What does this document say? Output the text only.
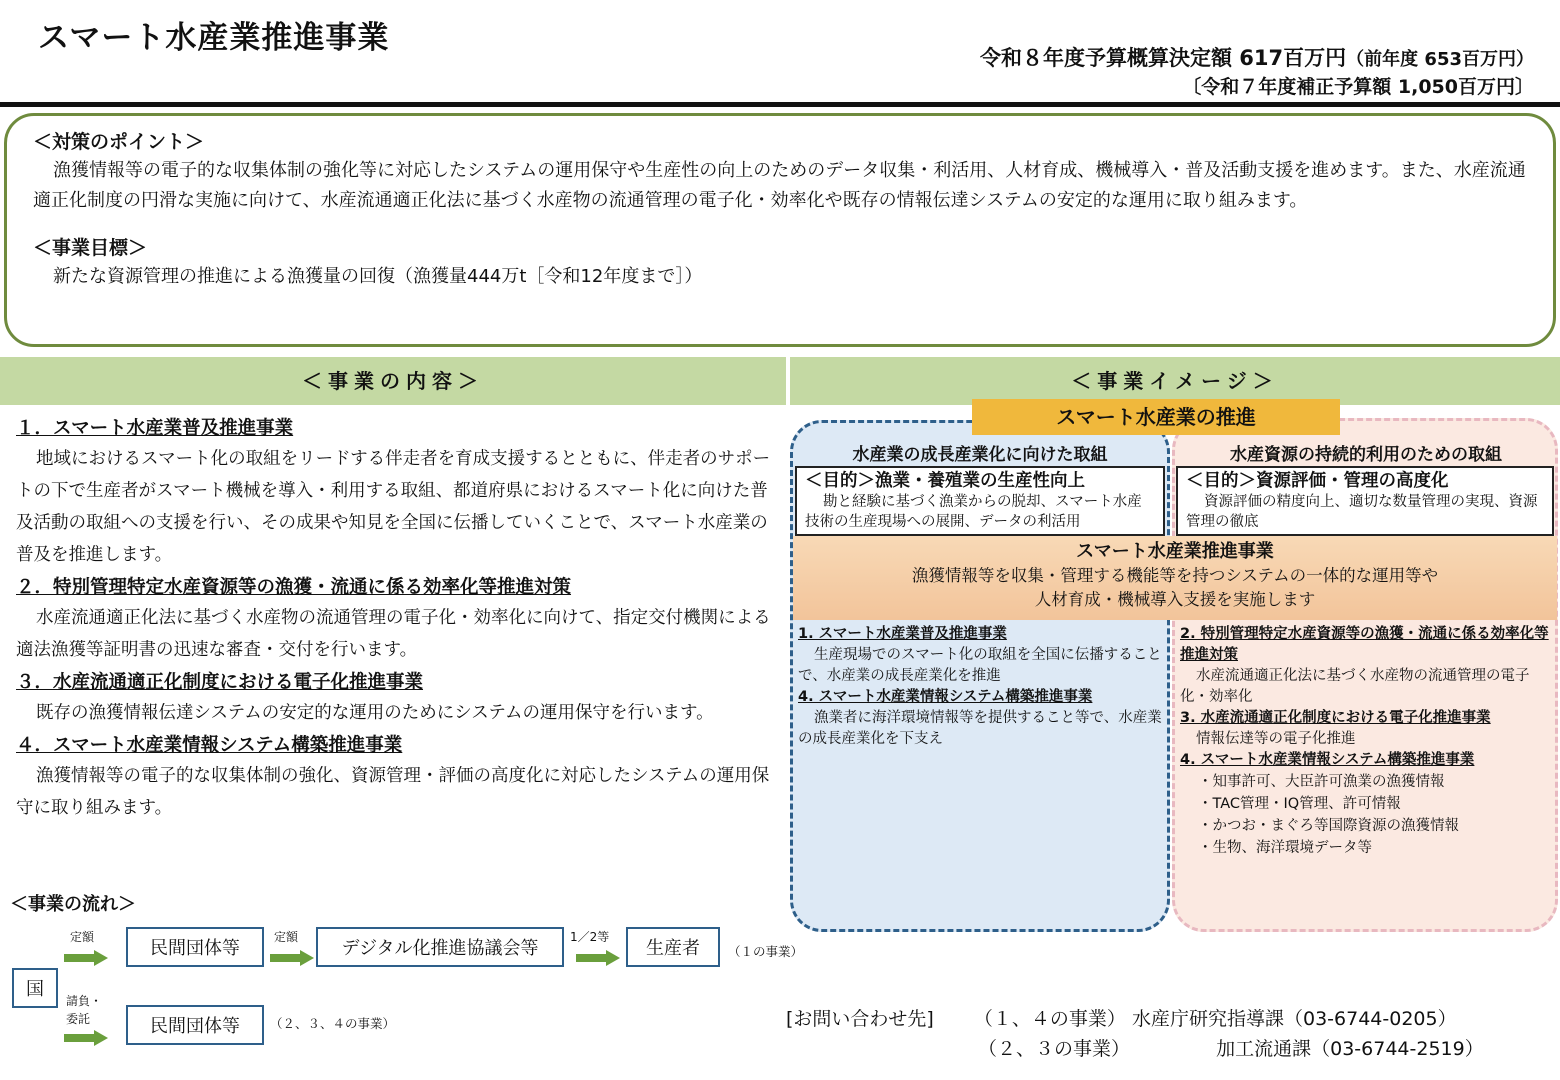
スマート水産業推進事業
令和８年度予算概算決定額 617百万円（前年度 653百万円）
〔令和７年度補正予算額 1,050百万円〕
＜対策のポイント＞
漁獲情報等の電子的な収集体制の強化等に対応したシステムの運用保守や生産性の向上のためのデータ収集・利活用、人材育成、機械導入・普及活動支援を進めます。また、水産流通適正化制度の円滑な実施に向けて、水産流通適正化法に基づく水産物の流通管理の電子化・効率化や既存の情報伝達システムの安定的な運用に取り組みます。
＜事業目標＞
新たな資源管理の推進による漁獲量の回復（漁獲量444万t［令和12年度まで］）
＜事業の内容＞	＜事業イメージ＞
１．スマート水産業普及推進事業
地域におけるスマート化の取組をリードする伴走者を育成支援するとともに、伴走者のサポートの下で生産者がスマート機械を導入・利用する取組、都道府県におけるスマート化に向けた普及活動の取組への支援を行い、その成果や知見を全国に伝播していくことで、スマート水産業の普及を推進します。
２．特別管理特定水産資源等の漁獲・流通に係る効率化等推進対策
水産流通適正化法に基づく水産物の流通管理の電子化・効率化に向けて、指定交付機関による適法漁獲等証明書の迅速な審査・交付を行います。
３．水産流通適正化制度における電子化推進事業
既存の漁獲情報伝達システムの安定的な運用のためにシステムの運用保守を行います。
４．スマート水産業情報システム構築推進事業
漁獲情報等の電子的な収集体制の強化、資源管理・評価の高度化に対応したシステムの運用保守に取り組みます。
＜事業の流れ＞
国
定額
民間団体等
定額
デジタル化推進協議会等
1／2等
生産者 （１の事業）
請負・委託	民間団体等 （２、３、４の事業）	[お問い合わせ先] （１、４の事業） 水産庁研究指導課（03-6744-0205）
（２、３の事業）	加工流通課（03-6744-2519）
スマート水産業の推進
水産業の成長産業化に向けた取組	水産資源の持続的利用のための取組
＜目的＞漁業・養殖業の生産性向上
勘と経験に基づく漁業からの脱却、スマート水産技術の生産現場への展開、データの利活用
＜目的＞資源評価・管理の高度化
資源評価の精度向上、適切な数量管理の実現、資源管理の徹底
スマート水産業推進事業
漁獲情報等を収集・管理する機能等を持つシステムの一体的な運用等や
人材育成・機械導入支援を実施します
1. スマート水産業普及推進事業
生産現場でのスマート化の取組を全国に伝播することで、水産業の成長産業化を推進
4. スマート水産業情報システム構築推進事業
漁業者に海洋環境情報等を提供すること等で、水産業の成長産業化を下支え
2. 特別管理特定水産資源等の漁獲・流通に係る効率化等推進対策
水産流通適正化法に基づく水産物の流通管理の電子化・効率化
3. 水産流通適正化制度における電子化推進事業
情報伝達等の電子化推進
4. スマート水産業情報システム構築推進事業
・知事許可、大臣許可漁業の漁獲情報
・TAC管理・IQ管理、許可情報
・かつお・まぐろ等国際資源の漁獲情報
・生物、海洋環境データ等
